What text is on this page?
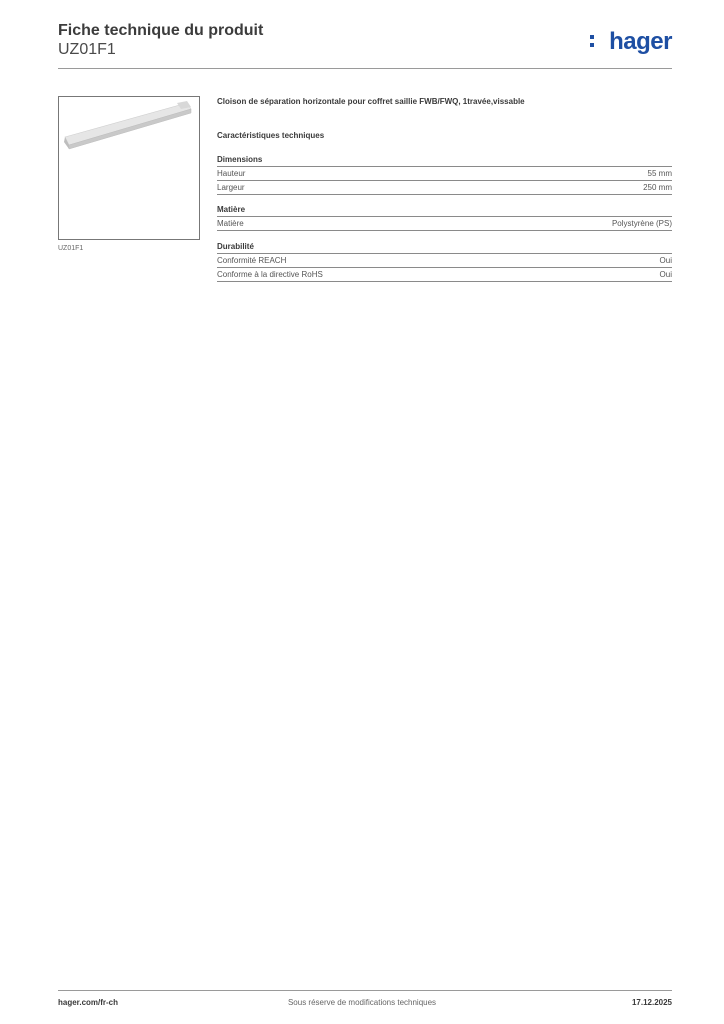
Fiche technique du produit
UZ01F1	hager
UZ01F1
Cloison de séparation horizontale pour coffret saillie FWB/FWQ, 1travée,vissable
Caractéristiques techniques
Dimensions
Hauteur	55 mm
Largeur	250 mm
Matière
Matière	Polystyrène (PS)
Durabilité
Conformité REACH	Oui
Conforme à la directive RoHS	Oui
hager.com/fr-ch	Sous réserve de modifications techniques	17.12.2025
